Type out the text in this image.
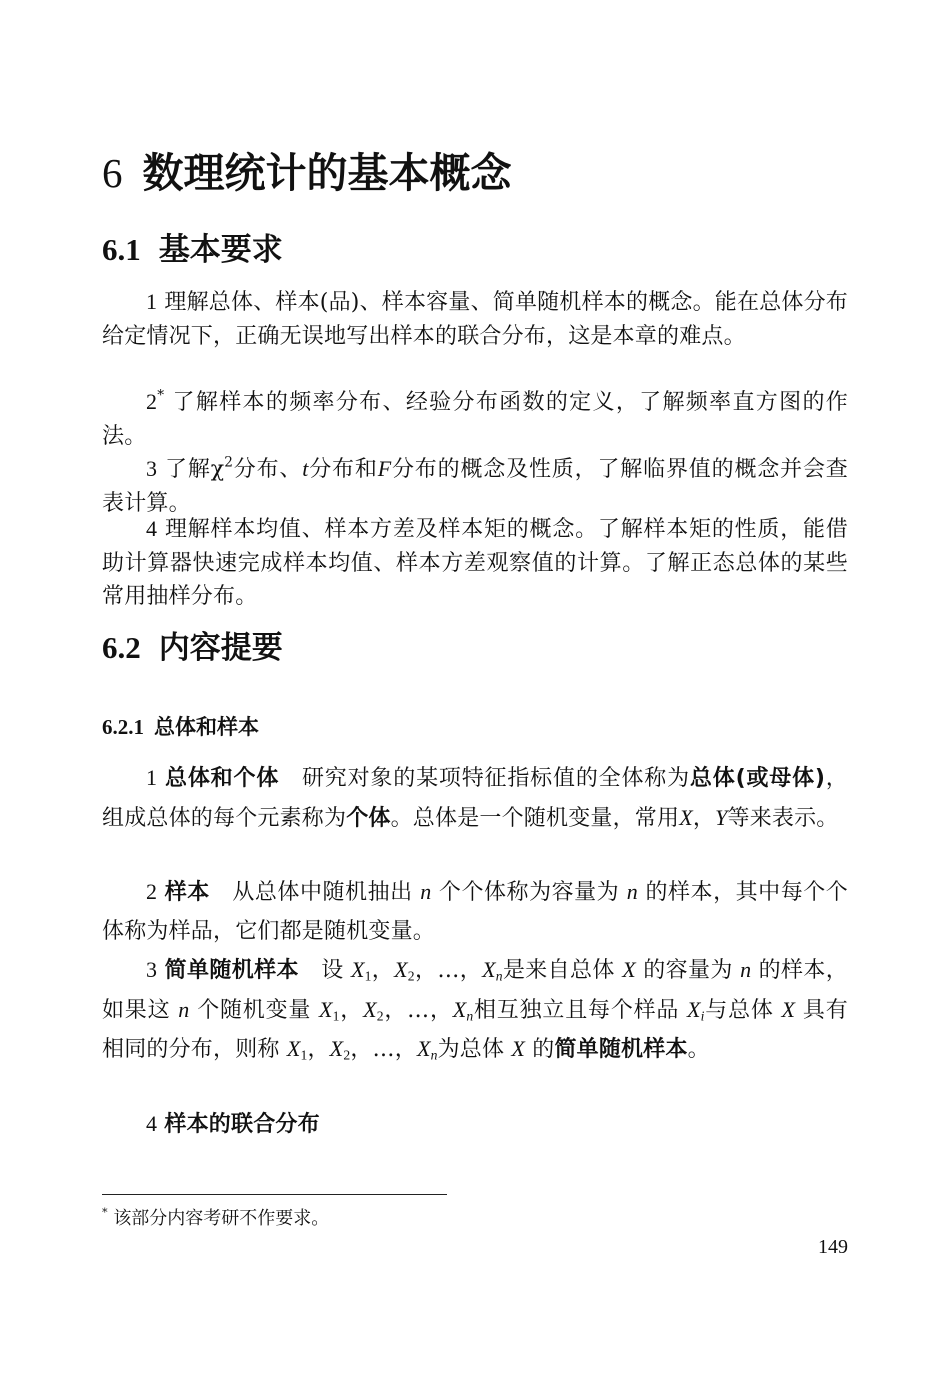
6 数理统计的基本概念
6.1 基本要求

1 理解总体、样本(品)、样本容量、简单随机样本的概念。能在总体分布给定情况下，正确无误地写出样本的联合分布，这是本章的难点。

2* 了解样本的频率分布、经验分布函数的定义，了解频率直方图的作法。

3 了解$\chi^2$分布、t分布和F分布的概念及性质，了解临界值的概念并会查表计算。

4 理解样本均值、样本方差及样本矩的概念。了解样本矩的性质，能借助计算器快速完成样本均值、样本方差观察值的计算。了解正态总体的某些常用抽样分布。

6.2 内容提要
6.2.1 总体和样本

1 总体和个体　 研究对象的某项特征指标值的全体称为总体(或母体)，组成总体的每个元素称为个体。总体是一个随机变量，常用X，Y等来表示。

2 样本　 从总体中随机抽出 n 个个体称为容量为 n 的样本，其中每个个体称为样品，它们都是随机变量。

3 简单随机样本　 设 $X_1$，$X_2$，…，$X_n$是来自总体 X 的容量为 n 的样本，如果这 n 个随机变量 $X_1$，$X_2$，…，$X_n$相互独立且每个样品 $X_i$与总体 X 具有相同的分布，则称 $X_1$，$X_2$，…，$X_n$为总体 X 的简单随机样本。

4 样本的联合分布

* 该部分内容考研不作要求。
149
